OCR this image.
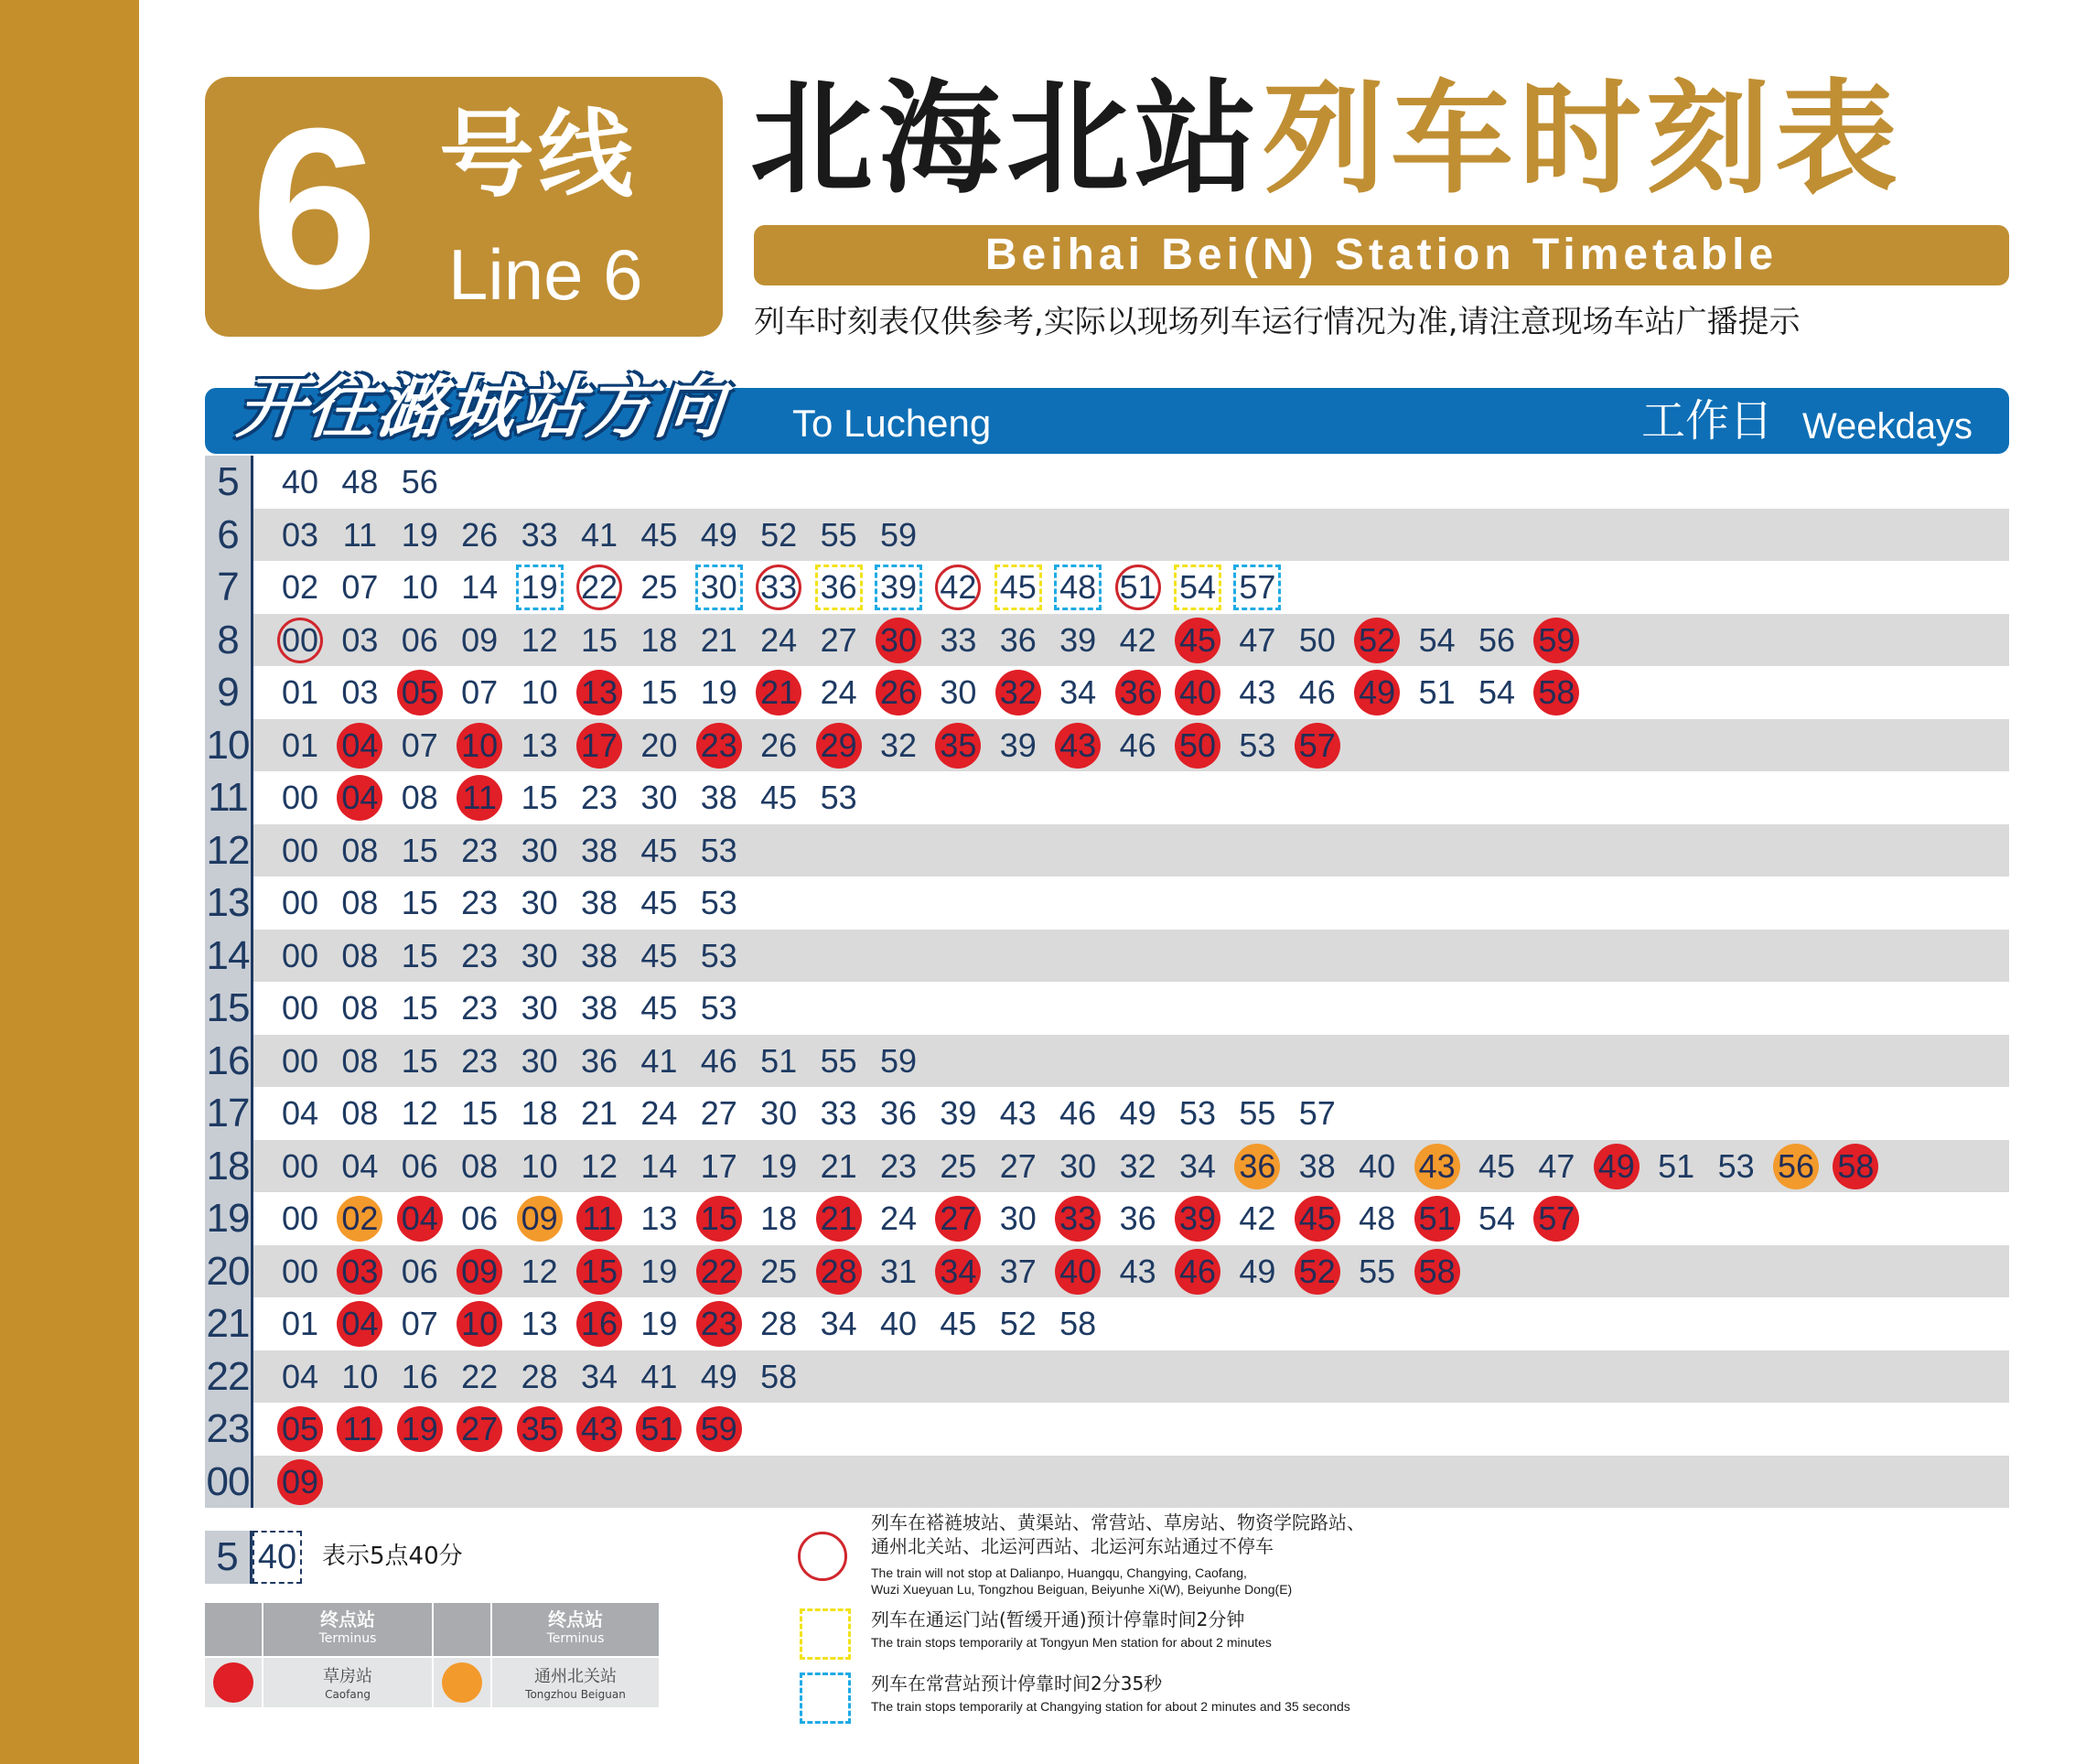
6 号线
Line 6
北海北站列车时刻表
Beihai Bei(N) Station Timetable
列车时刻表仅供参考,实际以现场列车运行情况为准,请注意现场车站广播提示
开往潞城站方向 To Lucheng	工作日 Weekdays
5	40 48 56
6	03 11 19 26 33 41 45 49 52 55 59
7	02 07 10 14 19 22 25 30 33 36 39 42 45 48 51 54 57
8	00 03 06 09 12 15 18 21 24 27 30 33 36 39 42 45 47 50 52 54 56 59
9	01 03 05 07 10 13 15 19 21 24 26 30 32 34 36 40 43 46 49 51 54 58
10 01 04 07 10 13 17 20 23 26 29 32 35 39 43 46 50 53 57
11 00 04 08 11 15 23 30 38 45 53
12 00 08 15 23 30 38 45 53
13 00 08 15 23 30 38 45 53
14 00 08 15 23 30 38 45 53
15 00 08 15 23 30 38 45 53
16 00 08 15 23 30 36 41 46 51 55 59
17 04 08 12 15 18 21 24 27 30 33 36 39 43 46 49 53 55 57
18 00 04 06 08 10 12 14 17 19 21 23 25 27 30 32 34 36 38 40 43 45 47 49 51 53 56 58
19 00 02 04 06 09 11 13 15 18 21 24 27 30 33 36 39 42 45 48 51 54 57
20 00 03 06 09 12 15 19 22 25 28 31 34 37 40 43 46 49 52 55 58
21 01 04 07 10 13 16 19 23 28 34 40 45 52 58
22 04 10 16 22 28 34 41 49 58
23 05 11 19 27 35 43 51 59
00 09
5 40 表示5点40分
终点站
Terminus
终点站
Terminus
草房站
Caofang
通州北关站
Tongzhou Beiguan
列车在褡裢坡站、黄渠站、常营站、草房站、物资学院路站、
通州北关站、北运河西站、北运河东站通过不停车
The train will not stop at Dalianpo, Huangqu, Changying, Caofang,
Wuzi Xueyuan Lu, Tongzhou Beiguan, Beiyunhe Xi(W), Beiyunhe Dong(E)
列车在通运门站(暂缓开通)预计停靠时间2分钟
The train stops temporarily at Tongyun Men station for about 2 minutes
列车在常营站预计停靠时间2分35秒
The train stops temporarily at Changying station for about 2 minutes and 35 seconds
